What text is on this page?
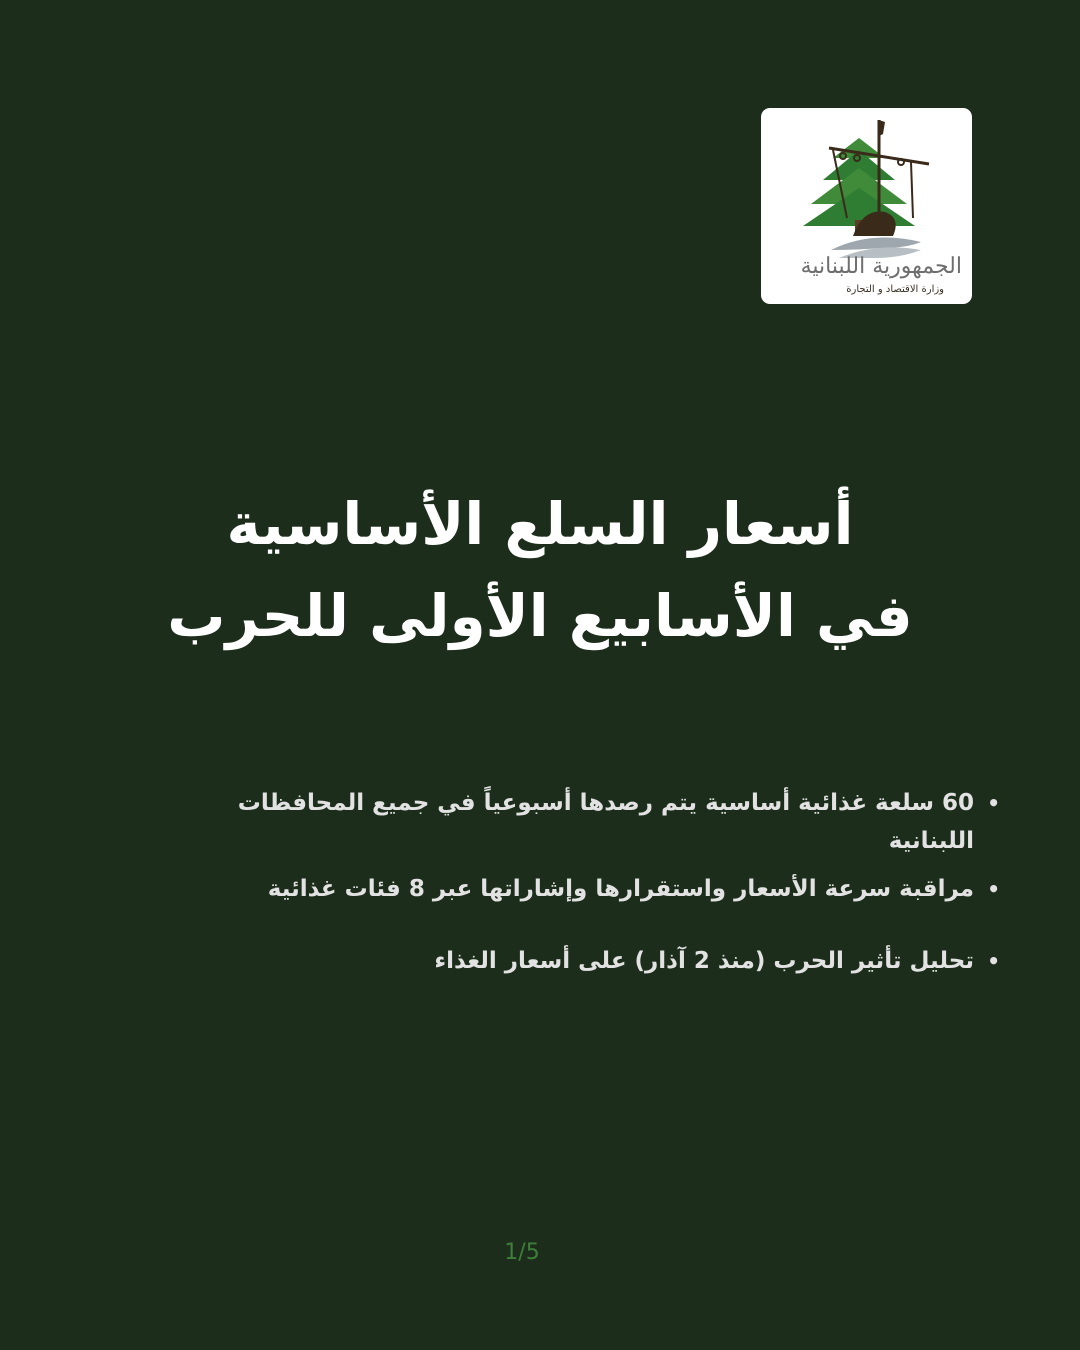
الجمهورية اللبنانية
وزارة الاقتصاد و التجارة
أسعار السلع الأساسية
في الأسابيع الأولى للحرب
• 60 سلعة غذائية أساسية يتم رصدها أسبوعياً في جميع المحافظات اللبنانية
• مراقبة سرعة الأسعار واستقرارها وإشاراتها عبر 8 فئات غذائية
• تحليل تأثير الحرب (منذ 2 آذار) على أسعار الغذاء
1/5
